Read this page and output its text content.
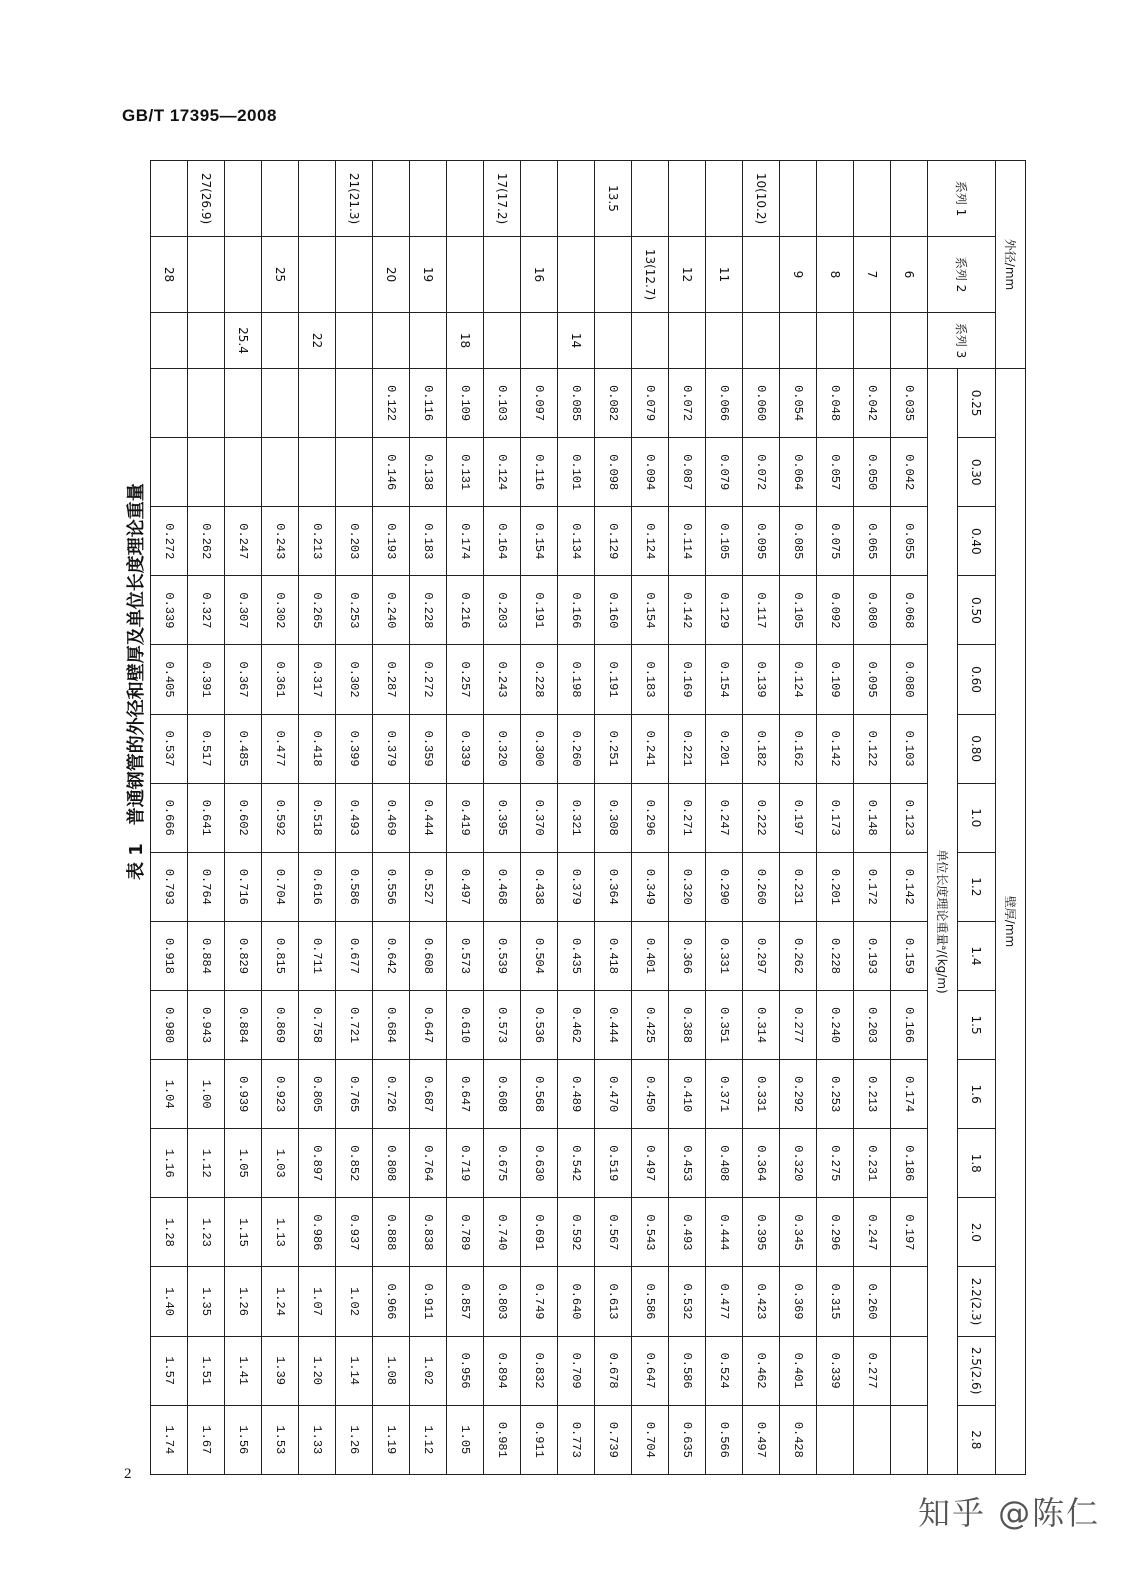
GB/T 17395—2008
表 1　普通钢管的外径和壁厚及单位长度理论重量
外径/mm			壁厚/mm															
系列 1	系列 2	系列 3	0.25	0.30	0.40	0.50	0.60	0.80	1.0	1.2	1.4	1.5	1.6	1.8	2.0	2.2(2.3)	2.5(2.6)	2.8
			单位长度理论重量ᵃ/(kg/m)															
	6		0.035	0.042	0.055	0.068	0.080	0.103	0.123	0.142	0.159	0.166	0.174	0.186	0.197			
	7		0.042	0.050	0.065	0.080	0.095	0.122	0.148	0.172	0.193	0.203	0.213	0.231	0.247	0.260	0.277	
	8		0.048	0.057	0.075	0.092	0.109	0.142	0.173	0.201	0.228	0.240	0.253	0.275	0.296	0.315	0.339	
	9		0.054	0.064	0.085	0.105	0.124	0.162	0.197	0.231	0.262	0.277	0.292	0.320	0.345	0.369	0.401	0.428
10(10.2)			0.060	0.072	0.095	0.117	0.139	0.182	0.222	0.260	0.297	0.314	0.331	0.364	0.395	0.423	0.462	0.497
	11		0.066	0.079	0.105	0.129	0.154	0.201	0.247	0.290	0.331	0.351	0.371	0.408	0.444	0.477	0.524	0.566
	12		0.072	0.087	0.114	0.142	0.169	0.221	0.271	0.320	0.366	0.388	0.410	0.453	0.493	0.532	0.586	0.635
	13(12.7)		0.079	0.094	0.124	0.154	0.183	0.241	0.296	0.349	0.401	0.425	0.450	0.497	0.543	0.586	0.647	0.704
13.5			0.082	0.098	0.129	0.160	0.191	0.251	0.308	0.364	0.418	0.444	0.470	0.519	0.567	0.613	0.678	0.739
		14	0.085	0.101	0.134	0.166	0.198	0.260	0.321	0.379	0.435	0.462	0.489	0.542	0.592	0.640	0.709	0.773
	16		0.097	0.116	0.154	0.191	0.228	0.300	0.370	0.438	0.504	0.536	0.568	0.630	0.691	0.749	0.832	0.911
17(17.2)			0.103	0.124	0.164	0.203	0.243	0.320	0.395	0.468	0.539	0.573	0.608	0.675	0.740	0.803	0.894	0.981
		18	0.109	0.131	0.174	0.216	0.257	0.339	0.419	0.497	0.573	0.610	0.647	0.719	0.789	0.857	0.956	1.05
	19		0.116	0.138	0.183	0.228	0.272	0.359	0.444	0.527	0.608	0.647	0.687	0.764	0.838	0.911	1.02	1.12
	20		0.122	0.146	0.193	0.240	0.287	0.379	0.469	0.556	0.642	0.684	0.726	0.808	0.888	0.966	1.08	1.19
21(21.3)					0.203	0.253	0.302	0.399	0.493	0.586	0.677	0.721	0.765	0.852	0.937	1.02	1.14	1.26
		22			0.213	0.265	0.317	0.418	0.518	0.616	0.711	0.758	0.805	0.897	0.986	1.07	1.20	1.33
	25				0.243	0.302	0.361	0.477	0.592	0.704	0.815	0.869	0.923	1.03	1.13	1.24	1.39	1.53
		25.4			0.247	0.307	0.367	0.485	0.602	0.716	0.829	0.884	0.939	1.05	1.15	1.26	1.41	1.56
27(26.9)					0.262	0.327	0.391	0.517	0.641	0.764	0.884	0.943	1.00	1.12	1.23	1.35	1.51	1.67
	28				0.272	0.339	0.405	0.537	0.666	0.793	0.918	0.980	1.04	1.16	1.28	1.40	1.57	1.74
2
知乎 @陈仁
